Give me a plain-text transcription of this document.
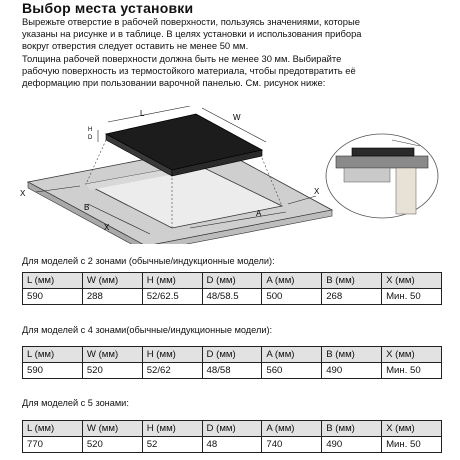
Выбор места установки

Вырежьте отверстие в рабочей поверхности, пользуясь значениями, которые

указаны на рисунке и в таблице. В целях установки и использования прибора

вокруг отверстия следует оставить не менее 50 мм.

Толщина рабочей поверхности должна быть не менее 30 мм. Выбирайте

рабочую поверхность из термостойкого материала, чтобы предотвратить её

деформацию при пользовании варочной панелью. См. рисунок ниже:

L	W
H
D
X
B
X
A
X
Для моделей с 2 зонами (обычные/индукционные модели):
L (мм)	W (мм)	H (мм)	D (мм)	A (мм)	B (мм)	X (мм)
590	288	52/62.5	48/58.5	500	268	Мин. 50
Для моделей с 4 зонами(обычные/индукционные модели):
L (мм)	W (мм)	H (мм)	D (мм)	A (мм)	B (мм)	X (мм)
590	520	52/62	48/58	560	490	Мин. 50
Для моделей с 5 зонами:
L (мм)	W (мм)	H (мм)	D (мм)	A (мм)	B (мм)	X (мм)
770	520	52	48	740	490	Мин. 50
